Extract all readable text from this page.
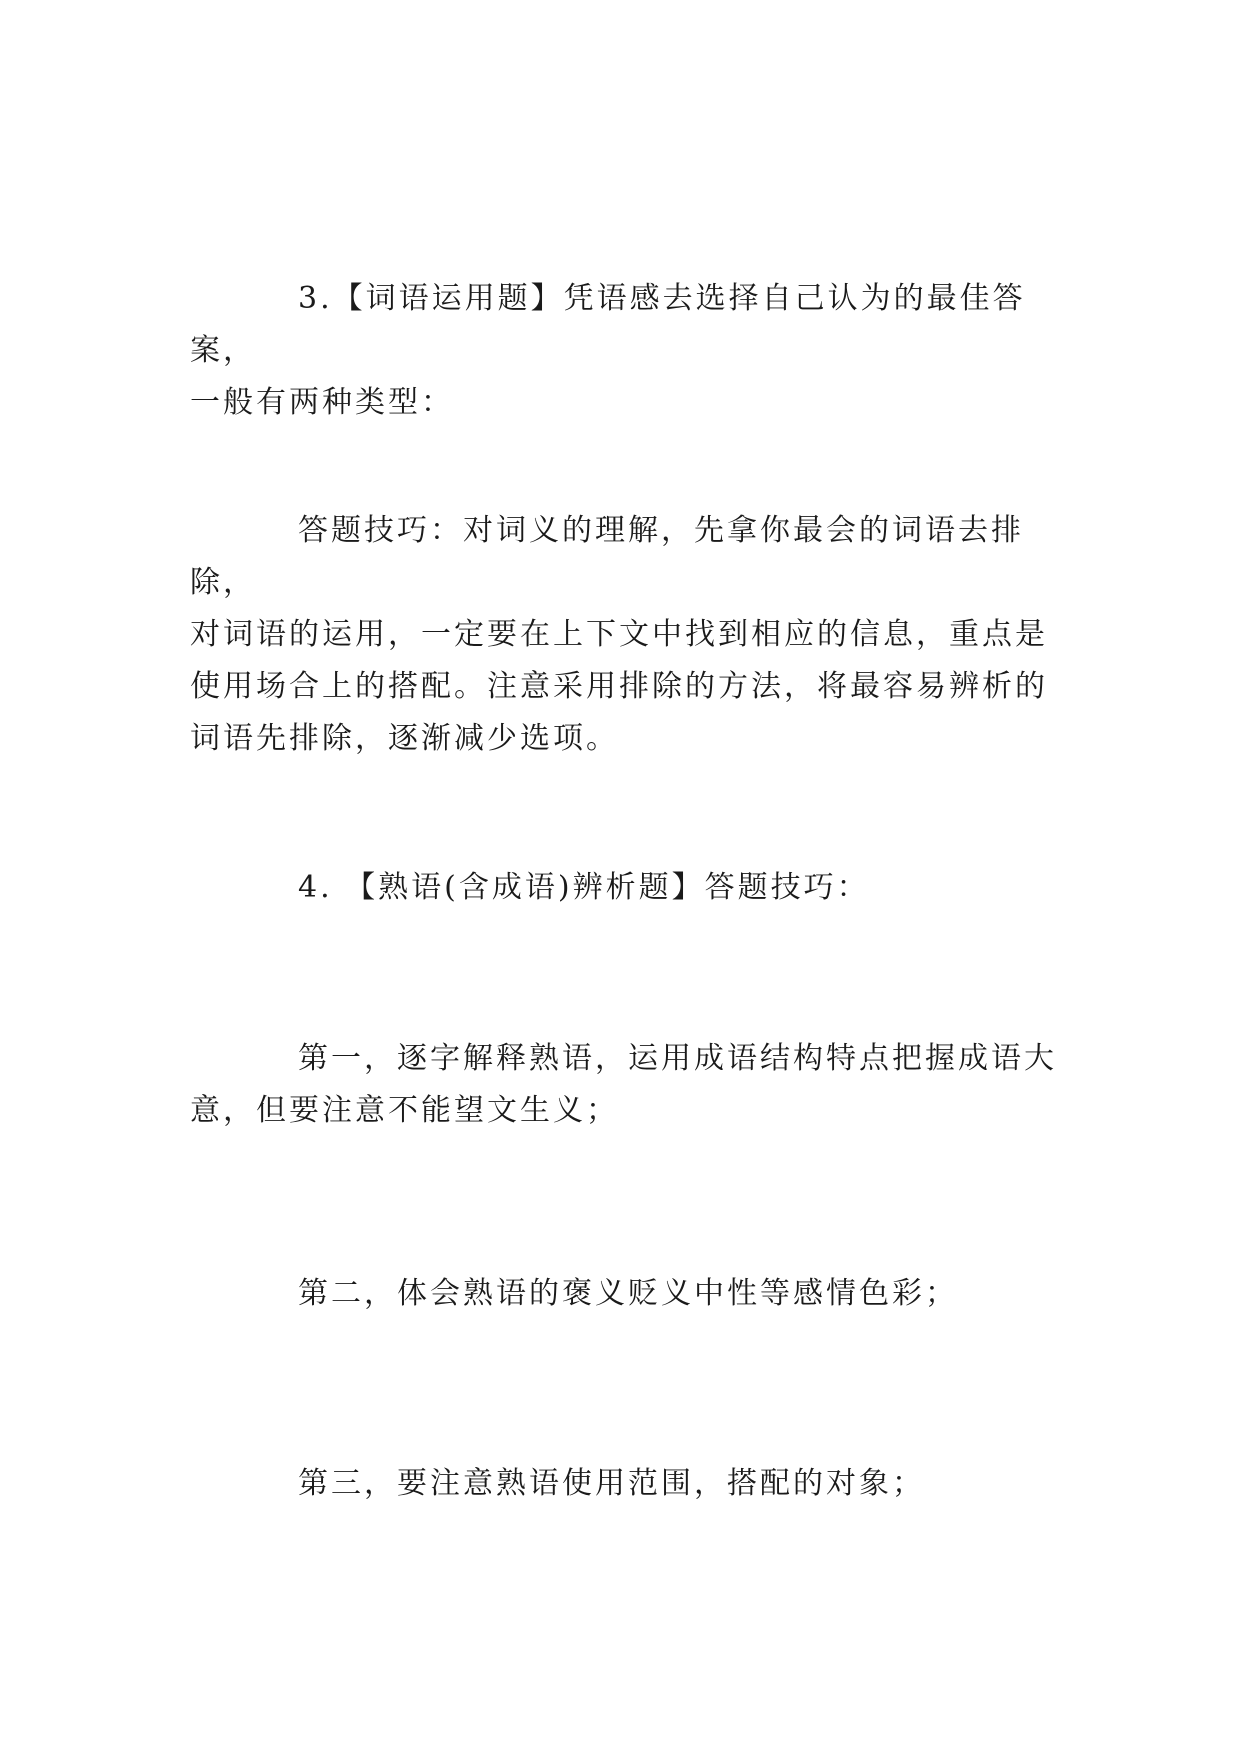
3.【词语运用题】凭语感去选择自己认为的最佳答案，
一般有两种类型：
答题技巧：对词义的理解，先拿你最会的词语去排除，
对词语的运用，一定要在上下文中找到相应的信息，重点是
使用场合上的搭配。注意采用排除的方法，将最容易辨析的
词语先排除，逐渐减少选项。
4. 【熟语(含成语)辨析题】答题技巧：
第一，逐字解释熟语，运用成语结构特点把握成语大
意，但要注意不能望文生义；
第二，体会熟语的褒义贬义中性等感情色彩；
第三，要注意熟语使用范围，搭配的对象；
